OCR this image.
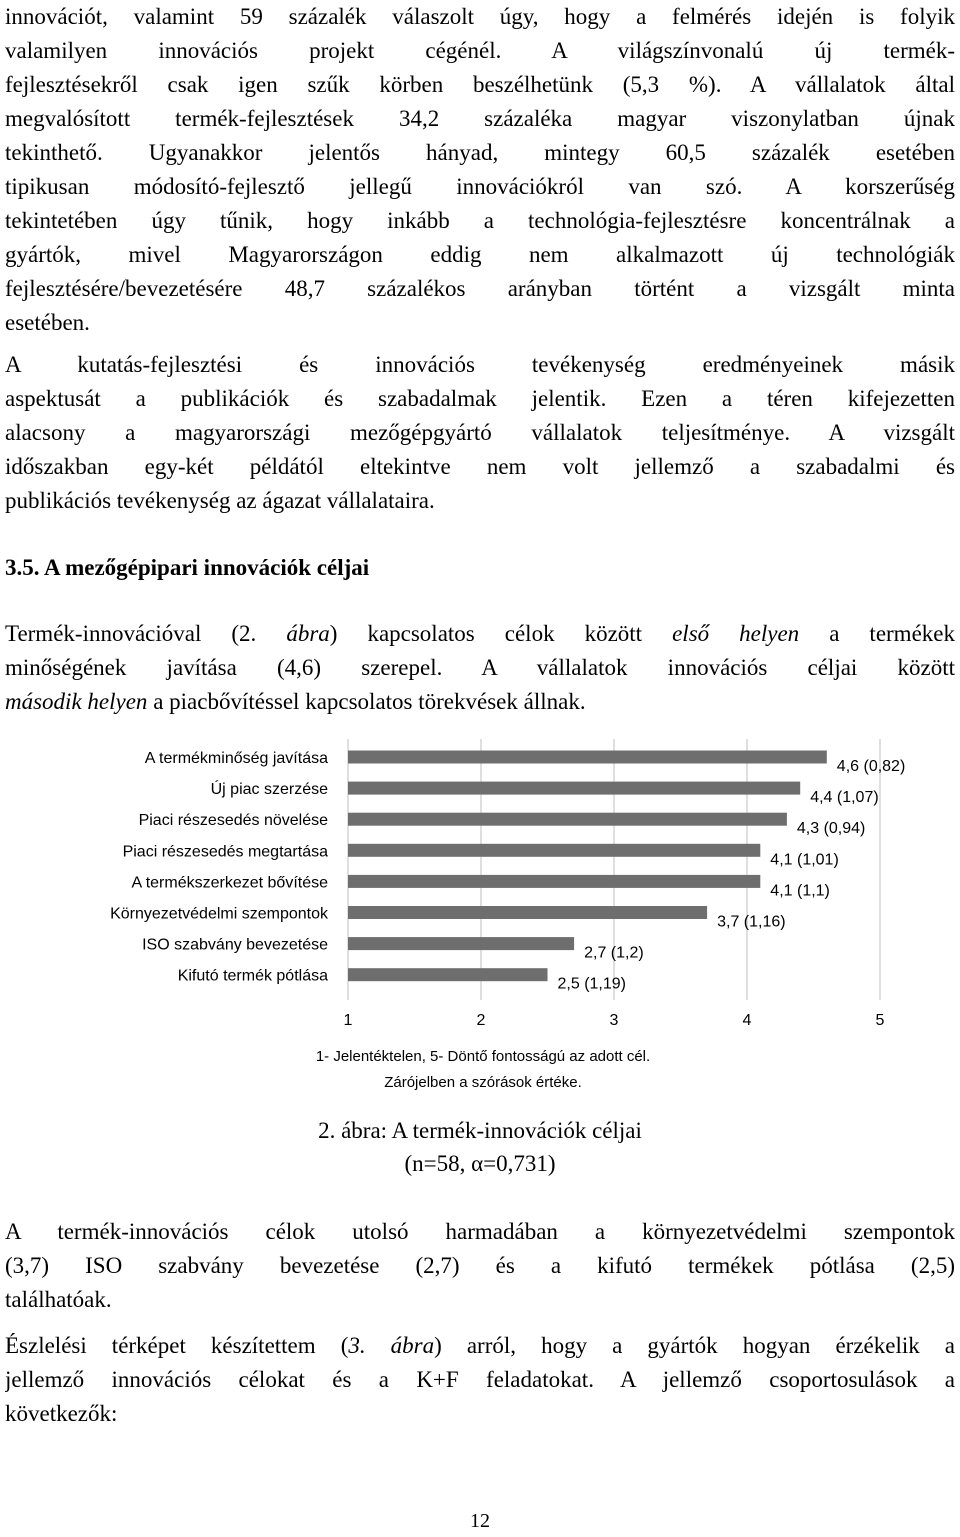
innovációt, valamint 59 százalék válaszolt úgy, hogy a felmérés idején is folyik
valamilyen innovációs projekt cégénél. A világszínvonalú új termék-
fejlesztésekről csak igen szűk körben beszélhetünk (5,3 %). A vállalatok által
megvalósított termék-fejlesztések 34,2 százaléka magyar viszonylatban újnak
tekinthető. Ugyanakkor jelentős hányad, mintegy 60,5 százalék esetében
tipikusan módosító-fejlesztő jellegű innovációkról van szó. A korszerűség
tekintetében úgy tűnik, hogy inkább a technológia-fejlesztésre koncentrálnak a
gyártók, mivel Magyarországon eddig nem alkalmazott új technológiák
fejlesztésére/bevezetésére 48,7 százalékos arányban történt a vizsgált minta
esetében.
A kutatás-fejlesztési és innovációs tevékenység eredményeinek másik
aspektusát a publikációk és szabadalmak jelentik. Ezen a téren kifejezetten
alacsony a magyarországi mezőgépgyártó vállalatok teljesítménye. A vizsgált
időszakban egy-két példától eltekintve nem volt jellemző a szabadalmi és
publikációs tevékenység az ágazat vállalataira.
3.5. A mezőgépipari innovációk céljai
Termék-innovációval (2. ábra) kapcsolatos célok között első helyen a termékek
minőségének javítása (4,6) szerepel. A vállalatok innovációs céljai között
második helyen a piacbővítéssel kapcsolatos törekvések állnak.
A termékminőség javítása	4,6 (0,82)
Új piac szerzése	4,4 (1,07)
Piaci részesedés növelése	4,3 (0,94)
Piaci részesedés megtartása	4,1 (1,01)
A termékszerkezet bővítése	4,1 (1,1)
Környezetvédelmi szempontok	3,7 (1,16)
ISO szabvány bevezetése	2,7 (1,2)
Kifutó termék pótlása	2,5 (1,19)
1	2	3	4	5
1- Jelentéktelen, 5- Döntő fontosságú az adott cél.
Zárójelben a szórások értéke.
2. ábra: A termék-innovációk céljai
(n=58, α=0,731)
A termék-innovációs célok utolsó harmadában a környezetvédelmi szempontok
(3,7) ISO szabvány bevezetése (2,7) és a kifutó termékek pótlása (2,5)
találhatóak.
Észlelési térképet készítettem (3. ábra) arról, hogy a gyártók hogyan érzékelik a
jellemző innovációs célokat és a K+F feladatokat. A jellemző csoportosulások a
következők:
12
